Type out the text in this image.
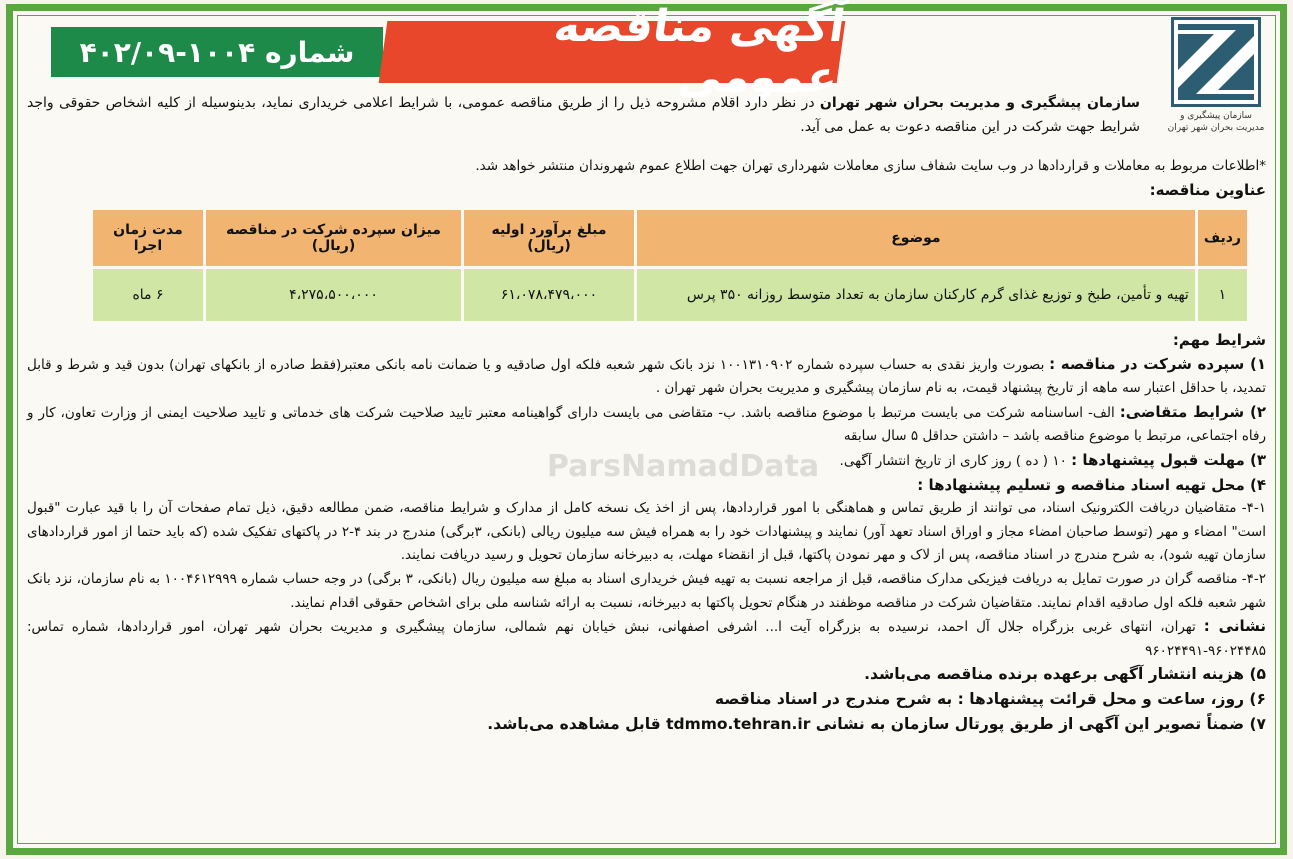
سازمان پیشگیری و
مدیریت بحران شهر تهران
آگهی مناقصه عمومی
شماره ۱۰۰۴-۴۰۲/۰۹
سازمان پیشگیری و مدیریت بحران شهر تهران در نظر دارد اقلام مشروحه ذیل را از طریق مناقصه عمومی، با شرایط اعلامی خریداری نماید، بدینوسیله از کلیه اشخاص حقوقی واجد شرایط جهت شرکت در این مناقصه دعوت به عمل می آید.
*اطلاعات مربوط به معاملات و قراردادها در وب سایت شفاف سازی معاملات شهرداری تهران جهت اطلاع عموم شهروندان منتشر خواهد شد.
عناوین مناقصه:
ردیف	موضوع	مبلغ برآورد اولیه (ریال)	میزان سپرده شرکت در مناقصه (ریال)	مدت زمان اجرا
۱	تهیه و تأمین، طبخ و توزیع غذای گرم کارکنان سازمان به تعداد متوسط روزانه ۳۵۰ پرس	۶۱،۰۷۸،۴۷۹،۰۰۰	۴،۲۷۵،۵۰۰،۰۰۰	۶ ماه

شرایط مهم:

۱) سپرده شرکت در مناقصه : بصورت واریز نقدی به حساب سپرده شماره ۱۰۰۱۳۱۰۹۰۲ نزد بانک شهر شعبه فلکه اول صادقیه و یا ضمانت نامه بانکی معتبر(فقط صادره از بانکهای تهران) بدون قید و شرط و قابل تمدید، با حداقل اعتبار سه ماهه از تاریخ پیشنهاد قیمت، به نام سازمان پیشگیری و مدیریت بحران شهر تهران .

۲) شرایط متقاضی: الف- اساسنامه شرکت می بایست مرتبط با موضوع مناقصه باشد. ب- متقاضی می بایست دارای گواهینامه معتبر تایید صلاحیت شرکت های خدماتی و تایید صلاحیت ایمنی از وزارت تعاون، کار و رفاه اجتماعی، مرتبط با موضوع مناقصه باشد – داشتن حداقل ۵ سال سابقه

۳) مهلت قبول پیشنهادها : ۱۰ ( ده ) روز کاری از تاریخ انتشار آگهی.

۴) محل تهیه اسناد مناقصه و تسلیم پیشنهادها :

۴-۱- متقاضیان دریافت الکترونیک اسناد، می توانند از طریق تماس و هماهنگی با امور قراردادها، پس از اخذ یک نسخه کامل از مدارک و شرایط مناقصه، ضمن مطالعه دقیق، ذیل تمام صفحات آن را با قید عبارت "قبول است" امضاء و مهر (توسط صاحبان امضاء مجاز و اوراق اسناد تعهد آور) نمایند و پیشنهادات خود را به همراه فیش سه میلیون ریالی (بانکی، ۳برگی) مندرج در بند ۴-۲ در پاکتهای تفکیک شده (که باید حتما از امور قراردادهای سازمان تهیه شود)، به شرح مندرج در اسناد مناقصه، پس از لاک و مهر نمودن پاکتها، قبل از انقضاء مهلت، به دبیرخانه سازمان تحویل و رسید دریافت نمایند.

۴-۲- مناقصه گران در صورت تمایل به دریافت فیزیکی مدارک مناقصه، قبل از مراجعه نسبت به تهیه فیش خریداری اسناد به مبلغ سه میلیون ریال (بانکی، ۳ برگی) در وجه حساب شماره ۱۰۰۴۶۱۲۹۹۹ به نام سازمان، نزد بانک شهر شعبه فلکه اول صادقیه اقدام نمایند. متقاضیان شرکت در مناقصه موظفند در هنگام تحویل پاکتها به دبیرخانه، نسبت به ارائه شناسه ملی برای اشخاص حقوقی اقدام نمایند.

نشانی : تهران، انتهای غربی بزرگراه جلال آل احمد، نرسیده به بزرگراه آیت ا... اشرفی اصفهانی، نبش خیابان نهم شمالی، سازمان پیشگیری و مدیریت بحران شهر تهران، امور قراردادها، شماره تماس: ۹۶۰۲۴۴۸۵-۹۶۰۲۴۴۹۱

۵) هزینه انتشار آگهی برعهده برنده مناقصه می‌باشد.

۶) روز، ساعت و محل قرائت پیشنهادها : به شرح مندرج در اسناد مناقصه

۷) ضمناً تصویر این آگهی از طریق پورتال سازمان به نشانی tdmmo.tehran.ir قابل مشاهده می‌باشد.

ParsNamadData
